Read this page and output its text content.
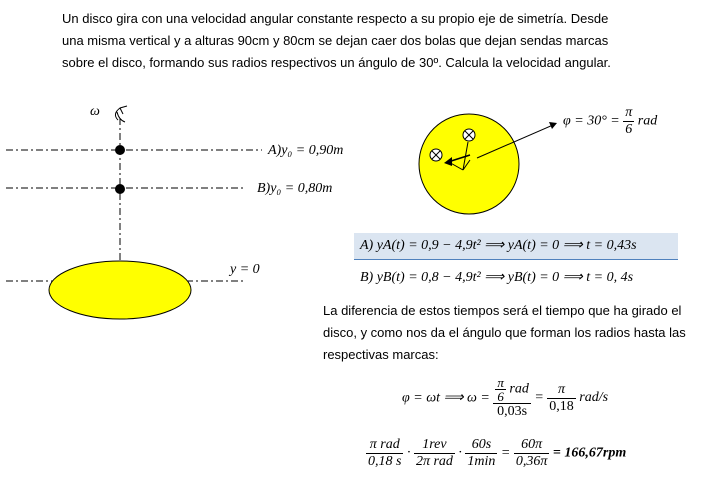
Un disco gira con una velocidad angular constante respecto a su propio eje de simetría. Desde
una misma vertical y a alturas 90cm y 80cm se dejan caer dos bolas que dejan sendas marcas
sobre el disco, formando sus radios respectivos un ángulo de 30º. Calcula la velocidad angular.
ω
A)y₀ = 0,90m
B)y₀ = 0,80m
y = 0
$\varphi = 30^\circ = \frac{\pi}{6}$ rad
A) yA(t) = 0,9 − 4,9t² ⟹ yA(t) = 0 ⟹ t = 0,43s
B) yB(t) = 0,8 − 4,9t² ⟹ yB(t) = 0 ⟹ t = 0, 4s
La diferencia de estos tiempos será el tiempo que ha girado el
disco, y como nos da el ángulo que forman los radios hasta las
respectivas marcas:
φ = ωt ⟹ $\omega = \frac{\frac{\pi}{6} rad}{0,03s} = \frac{\pi}{0,18} rad/s$
$\frac{\text{π rad}}{0,18 s} \cdot \frac{\text{1rev}}{\text{2π rad}} \cdot \frac{60s}{1\min} = \frac{60\pi}{0,36\pi} = 166,67rpm$
